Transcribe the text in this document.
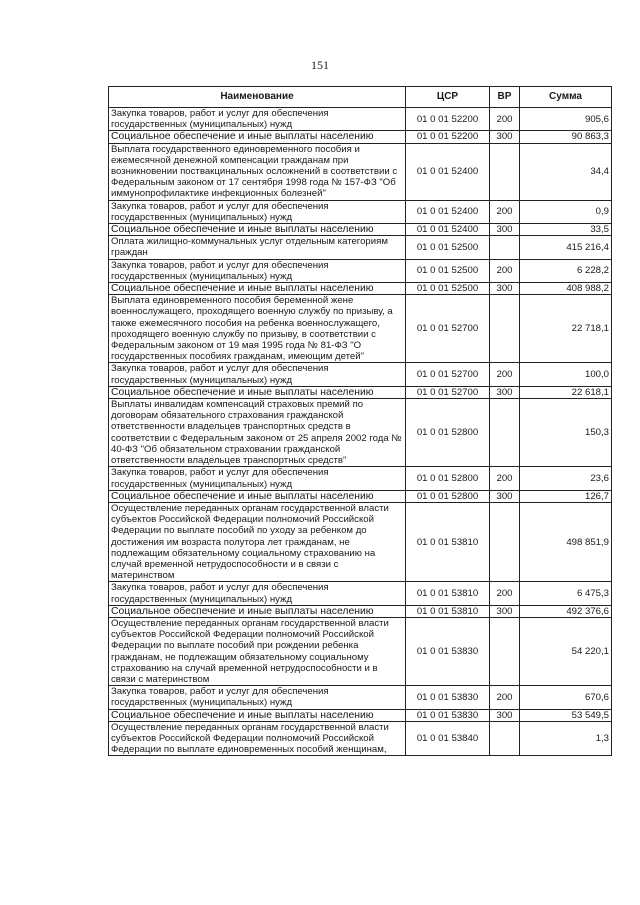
151
Наименование	ЦСР	ВР	Сумма
Закупка товаров, работ и услуг для обеспечения государственных (муниципальных) нужд	01 0 01 52200	200	905,6
Социальное обеспечение и иные выплаты населению	01 0 01 52200	300	90 863,3
Выплата государственного единовременного пособия и ежемесячной денежной компенсации гражданам при возникновении поствакцинальных осложнений в соответствии с Федеральным законом от 17 сентября 1998 года № 157-ФЗ "Об иммунопрофилактике инфекционных болезней"	01 0 01 52400		34,4
Закупка товаров, работ и услуг для обеспечения государственных (муниципальных) нужд	01 0 01 52400	200	0,9
Социальное обеспечение и иные выплаты населению	01 0 01 52400	300	33,5
Оплата жилищно-коммунальных услуг отдельным категориям граждан	01 0 01 52500		415 216,4
Закупка товаров, работ и услуг для обеспечения государственных (муниципальных) нужд	01 0 01 52500	200	6 228,2
Социальное обеспечение и иные выплаты населению	01 0 01 52500	300	408 988,2
Выплата единовременного пособия беременной жене военнослужащего, проходящего военную службу по призыву, а также ежемесячного пособия на ребенка военнослужащего, проходящего военную службу по призыву, в соответствии с Федеральным законом от 19 мая 1995 года № 81-ФЗ "О государственных пособиях гражданам, имеющим детей"	01 0 01 52700		22 718,1
Закупка товаров, работ и услуг для обеспечения государственных (муниципальных) нужд	01 0 01 52700	200	100,0
Социальное обеспечение и иные выплаты населению	01 0 01 52700	300	22 618,1
Выплаты инвалидам компенсаций страховых премий по договорам обязательного страхования гражданской ответственности владельцев транспортных средств в соответствии с Федеральным законом от 25 апреля 2002 года № 40-ФЗ "Об обязательном страховании гражданской ответственности владельцев транспортных средств"	01 0 01 52800		150,3
Закупка товаров, работ и услуг для обеспечения государственных (муниципальных) нужд	01 0 01 52800	200	23,6
Социальное обеспечение и иные выплаты населению	01 0 01 52800	300	126,7
Осуществление переданных органам государственной власти субъектов Российской Федерации полномочий Российской Федерации по выплате пособий по уходу за ребенком до достижения им возраста полутора лет гражданам, не подлежащим обязательному социальному страхованию на случай временной нетрудоспособности и в связи с материнством	01 0 01 53810		498 851,9
Закупка товаров, работ и услуг для обеспечения государственных (муниципальных) нужд	01 0 01 53810	200	6 475,3
Социальное обеспечение и иные выплаты населению	01 0 01 53810	300	492 376,6
Осуществление переданных органам государственной власти субъектов Российской Федерации полномочий Российской Федерации по выплате пособий при рождении ребенка гражданам, не подлежащим обязательному социальному страхованию на случай временной нетрудоспособности и в связи с материнством	01 0 01 53830		54 220,1
Закупка товаров, работ и услуг для обеспечения государственных (муниципальных) нужд	01 0 01 53830	200	670,6
Социальное обеспечение и иные выплаты населению	01 0 01 53830	300	53 549,5
Осуществление переданных органам государственной власти субъектов Российской Федерации полномочий Российской Федерации по выплате единовременных пособий женщинам,	01 0 01 53840		1,3
